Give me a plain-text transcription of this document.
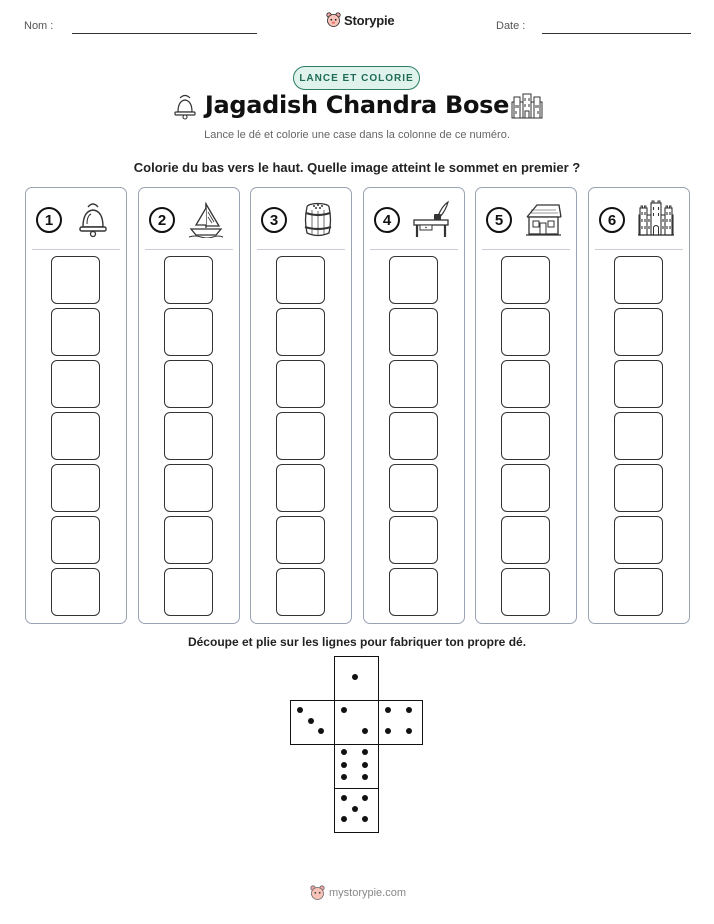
Nom :	Storypie	Date :
LANCE ET COLORIE
Jagadish Chandra Bose
Lance le dé et colorie une case dans la colonne de ce numéro.
Colorie du bas vers le haut. Quelle image atteint le sommet en premier ?
1	2	3	4	5	6
Découpe et plie sur les lignes pour fabriquer ton propre dé.
mystorypie.com
